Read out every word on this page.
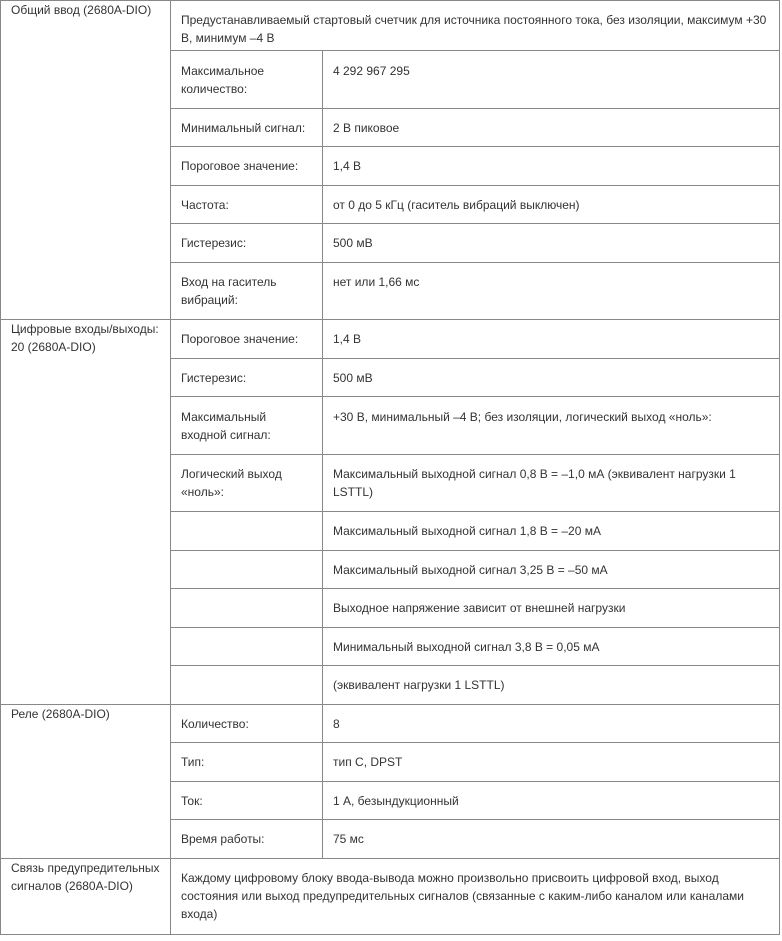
Общий ввод (2680A-DIO)	Предустанавливаемый стартовый счетчик для источника постоянного тока, без изоляции, максимум +30 В, минимум –4 В	
	Максимальное количество:	4 292 967 295
	Минимальный сигнал:	2 В пиковое
	Пороговое значение:	1,4 В
	Частота:	от 0 до 5 кГц (гаситель вибраций выключен)
	Гистерезис:	500 мВ
	Вход на гаситель вибраций:	нет или 1,66 мс
Цифровые входы/выходы: 20 (2680A-DIO)	Пороговое значение:	1,4 В
	Гистерезис:	500 мВ
	Максимальный входной сигнал:	+30 В, минимальный –4 В; без изоляции, логический выход «ноль»:
	Логический выход «ноль»:	Максимальный выходной сигнал 0,8 В = –1,0 мА (эквивалент нагрузки 1 LSTTL)
		Максимальный выходной сигнал 1,8 В = –20 мА
		Максимальный выходной сигнал 3,25 В = –50 мА
		Выходное напряжение зависит от внешней нагрузки
		Минимальный выходной сигнал 3,8 В = 0,05 мА
		(эквивалент нагрузки 1 LSTTL)
Реле (2680A-DIO)	Количество:	8
	Тип:	тип C, DPST
	Ток:	1 А, безындукционный
	Время работы:	75 мс
Связь предупредительных сигналов (2680A-DIO)	Каждому цифровому блоку ввода-вывода можно произвольно присвоить цифровой вход, выход состояния или выход предупредительных сигналов (связанные с каким-либо каналом или каналами входа)	
